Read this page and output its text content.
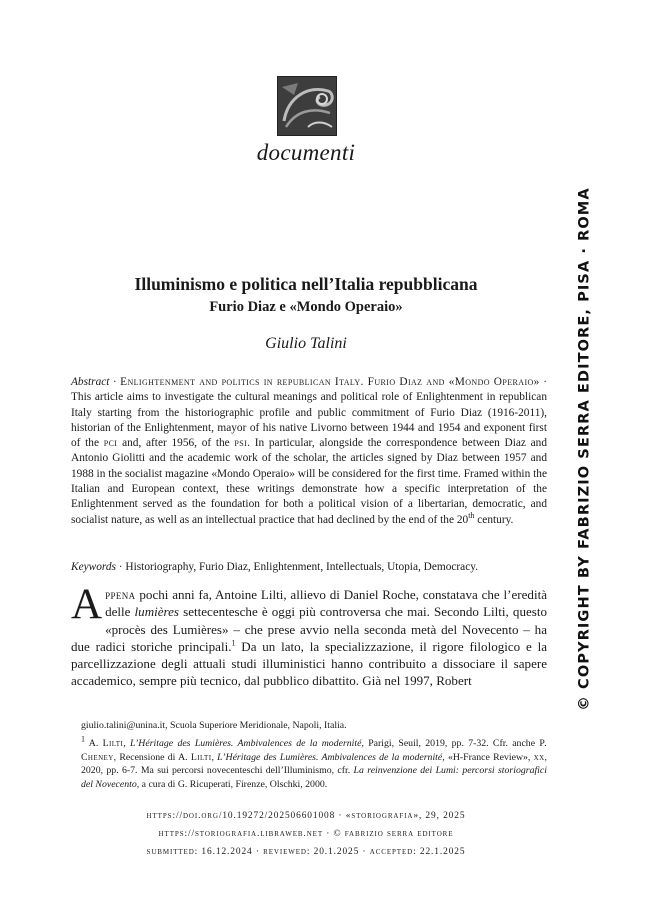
documenti
© COPYRIGHT BY FABRIZIO SERRA EDITORE, PISA · ROMA
Illuminismo e politica nell’Italia repubblicana
Furio Diaz e «Mondo Operaio»
Giulio Talini
Abstract · Enlightenment and politics in republican Italy. Furio Diaz and «Mondo Operaio» · This article aims to investigate the cultural meanings and political role of Enlightenment in republican Italy starting from the historiographic profile and public commitment of Furio Diaz (1916-2011), historian of the Enlightenment, mayor of his native Livorno between 1944 and 1954 and exponent first of the pci and, after 1956, of the psi. In particular, alongside the correspondence between Diaz and Antonio Giolitti and the academic work of the scholar, the articles signed by Diaz between 1957 and 1988 in the socialist magazine «Mondo Operaio» will be considered for the first time. Framed within the Italian and European context, these writings demonstrate how a specific interpretation of the Enlightenment served as the foundation for both a political vision of a libertarian, democratic, and socialist nature, as well as an intellectual practice that had declined by the end of the 20th century.
Keywords · Historiography, Furio Diaz, Enlightenment, Intellectuals, Utopia, Democracy.
Appena pochi anni fa, Antoine Lilti, allievo di Daniel Roche, constatava che l’eredità delle lumières settecentesche è oggi più controversa che mai. Secondo Lilti, questo «procès des Lumières» – che prese avvio nella seconda metà del Novecento – ha due radici storiche principali.$^1$ Da un lato, la specializzazione, il rigore filologico e la parcellizzazione degli attuali studi illuministici hanno contribuito a dissociare il sapere accademico, sempre più tecnico, dal pubblico dibattito. Già nel 1997, Robert
giulio.talini@unina.it, Scuola Superiore Meridionale, Napoli, Italia.
$^1$ A. Lilti, L’Héritage des Lumières. Ambivalences de la modernité, Parigi, Seuil, 2019, pp. 7-32. Cfr. anche P. Cheney, Recensione di A. Lilti, L’Héritage des Lumières. Ambivalences de la modernité, «H-France Review», xx, 2020, pp. 6-7. Ma sui percorsi novecenteschi dell’Illuminismo, cfr. La reinvenzione dei Lumi: percorsi storiografici del Novecento, a cura di G. Ricuperati, Firenze, Olschki, 2000.
https://doi.org/10.19272/202506601008 · «storiografia», 29, 2025
https://storiografia.libraweb.net · © fabrizio serra editore
submitted: 16.12.2024 · reviewed: 20.1.2025 · accepted: 22.1.2025
